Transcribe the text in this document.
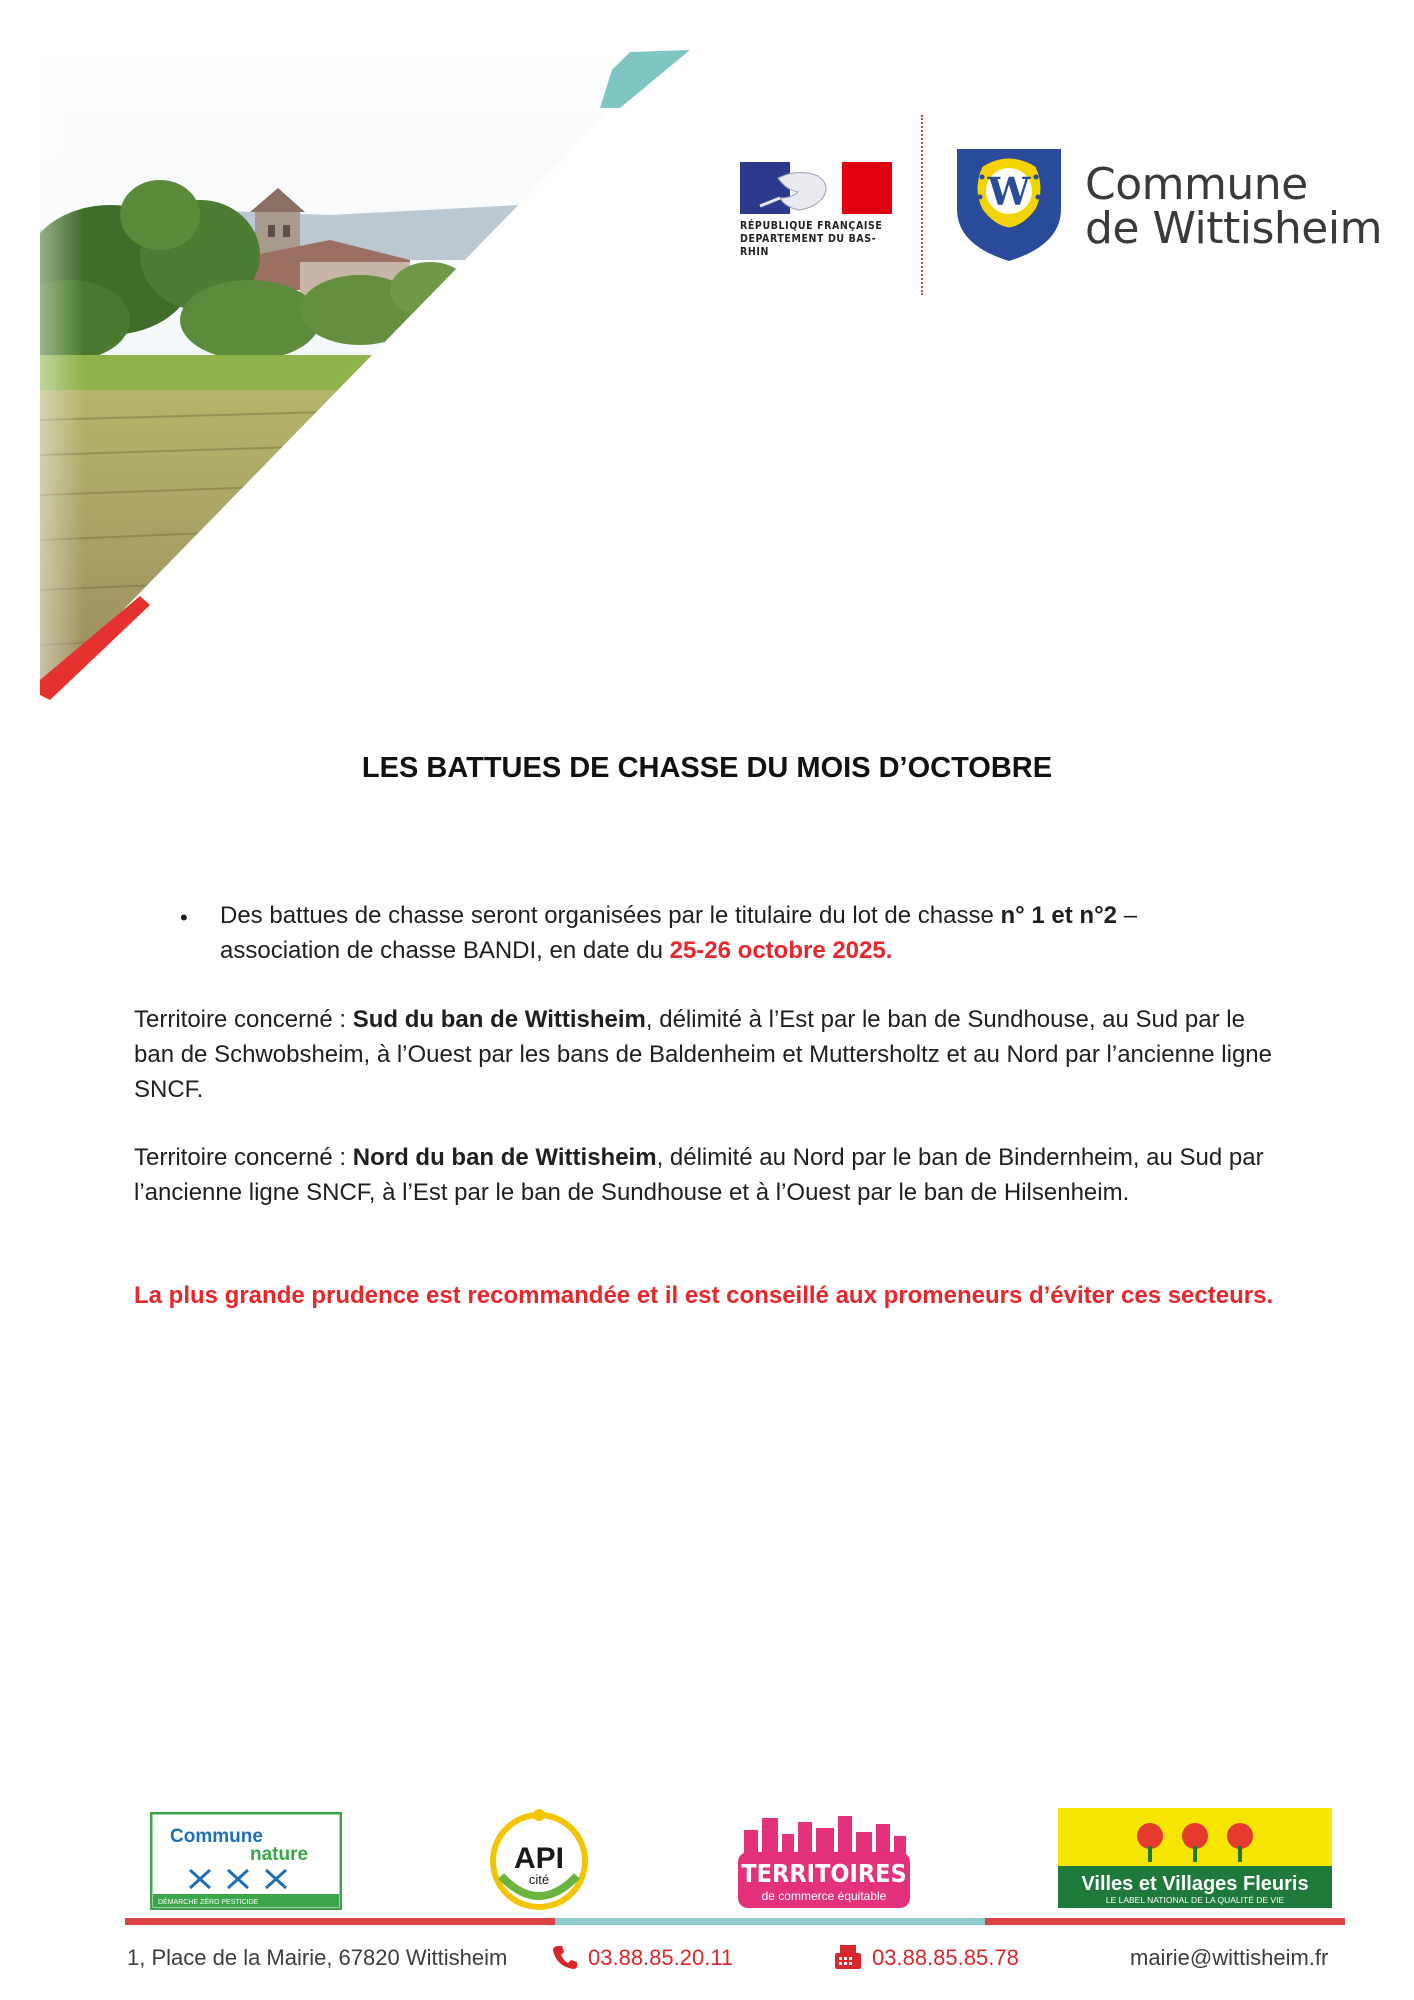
RÉPUBLIQUE FRANÇAISE
DEPARTEMENT DU BAS-RHIN
W Commune
de Wittisheim
LES BATTUES DE CHASSE DU MOIS D’OCTOBRE
• Des battues de chasse seront organisées par le titulaire du lot de chasse n° 1 et n°2 – association de chasse BANDI, en date du 25-26 octobre 2025.
Territoire concerné : Sud du ban de Wittisheim, délimité à l’Est par le ban de Sundhouse, au Sud par le ban de Schwobsheim, à l’Ouest par les bans de Baldenheim et Muttersholtz et au Nord par l’ancienne ligne SNCF.
Territoire concerné : Nord du ban de Wittisheim, délimité au Nord par le ban de Bindernheim, au Sud par l’ancienne ligne SNCF, à l’Est par le ban de Sundhouse et à l’Ouest par le ban de Hilsenheim.
La plus grande prudence est recommandée et il est conseillé aux promeneurs d’éviter ces secteurs.
Commune
nature
DÉMARCHE ZÉRO PESTICIDE
API
cité	TERRITOIRES
de commerce équitable
Villes et Villages Fleuris
LE LABEL NATIONAL DE LA QUALITÉ DE VIE
1, Place de la Mairie, 67820 Wittisheim	03.88.85.20.11	03.88.85.85.78	mairie@wittisheim.fr
